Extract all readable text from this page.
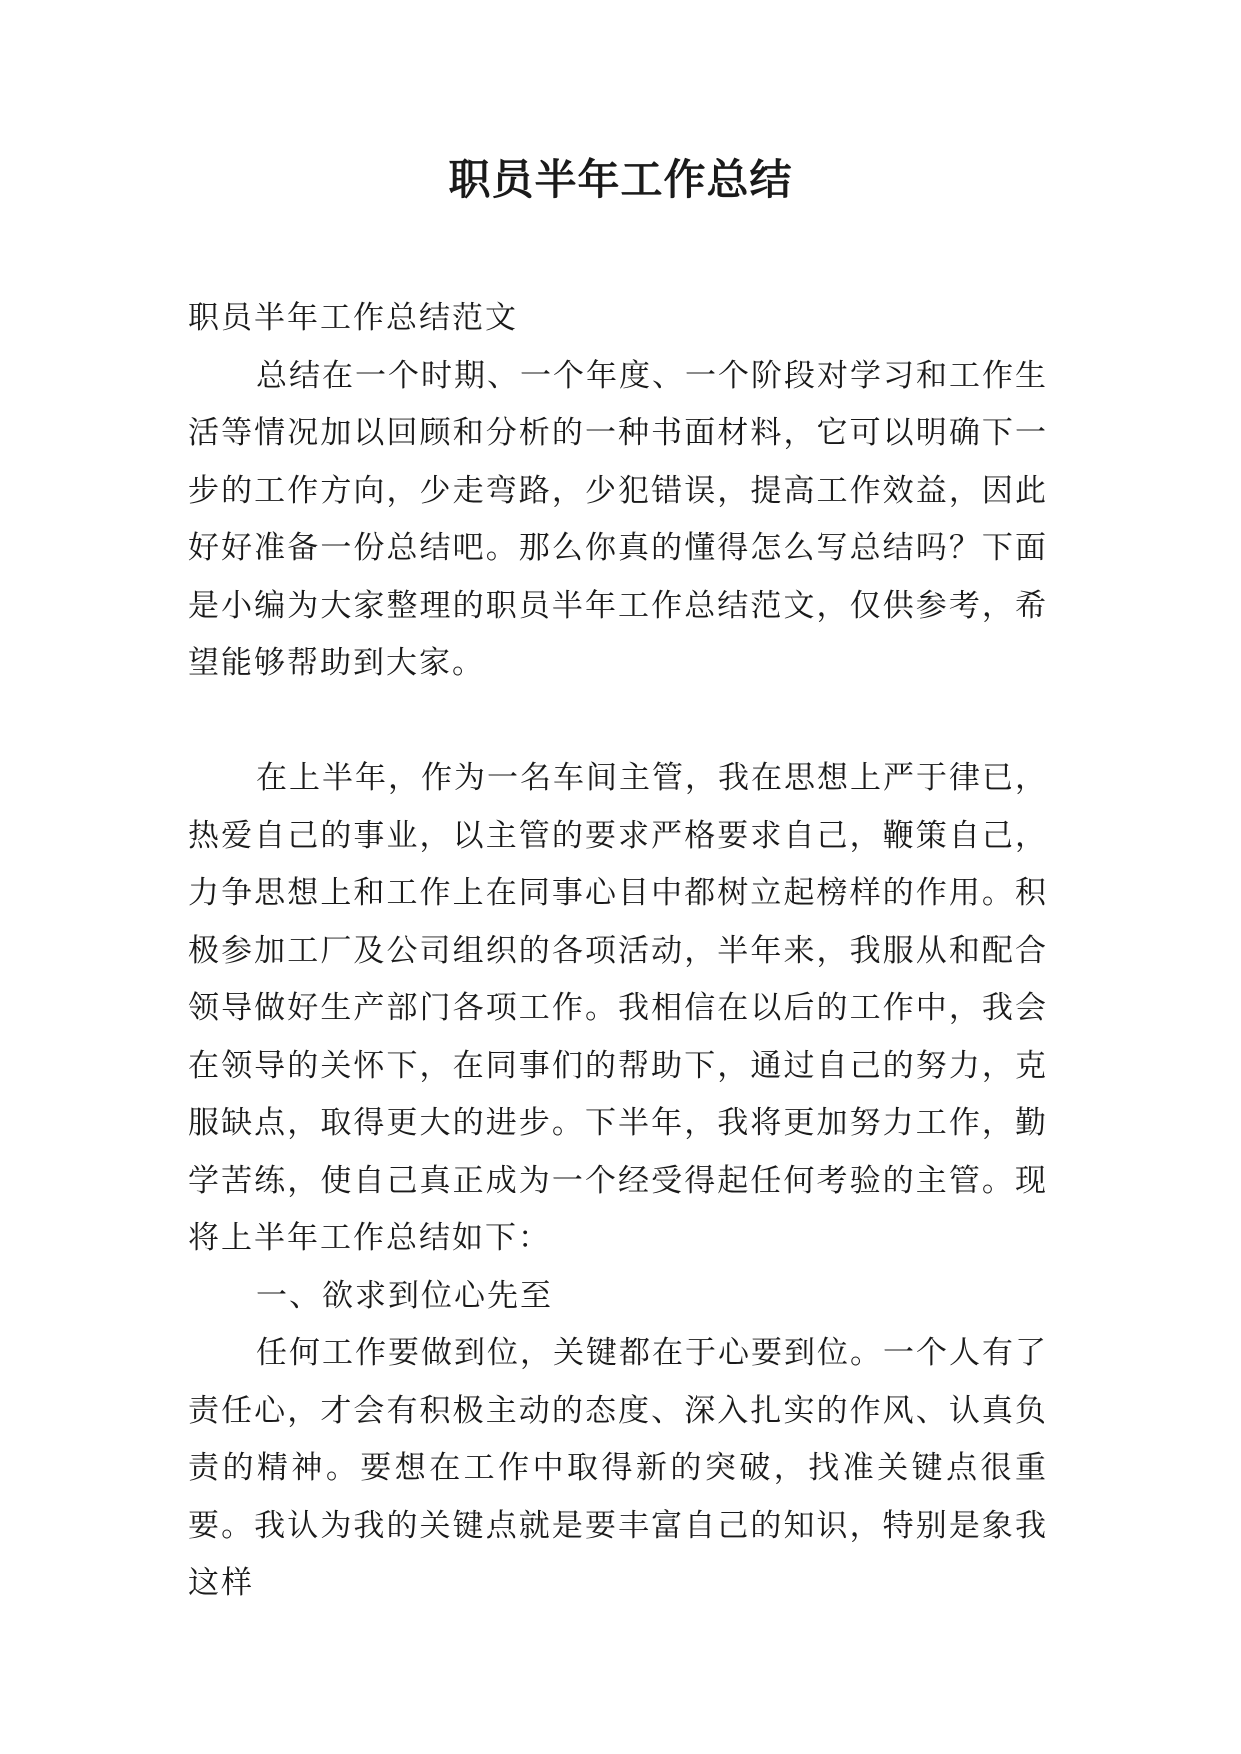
职员半年工作总结

职员半年工作总结范文

总结在一个时期、一个年度、一个阶段对学习和工作生活等情况加以回顾和分析的一种书面材料，它可以明确下一步的工作方向，少走弯路，少犯错误，提高工作效益，因此好好准备一份总结吧。那么你真的懂得怎么写总结吗？下面是小编为大家整理的职员半年工作总结范文，仅供参考，希望能够帮助到大家。

在上半年，作为一名车间主管，我在思想上严于律已，热爱自己的事业，以主管的要求严格要求自己，鞭策自己，力争思想上和工作上在同事心目中都树立起榜样的作用。积极参加工厂及公司组织的各项活动，半年来，我服从和配合领导做好生产部门各项工作。我相信在以后的工作中，我会在领导的关怀下，在同事们的帮助下，通过自己的努力，克服缺点，取得更大的进步。下半年，我将更加努力工作，勤学苦练，使自己真正成为一个经受得起任何考验的主管。现将上半年工作总结如下：

一、欲求到位心先至

任何工作要做到位，关键都在于心要到位。一个人有了责任心，才会有积极主动的态度、深入扎实的作风、认真负责的精神。要想在工作中取得新的突破，找准关键点很重要。我认为我的关键点就是要丰富自己的知识，特别是象我这样
